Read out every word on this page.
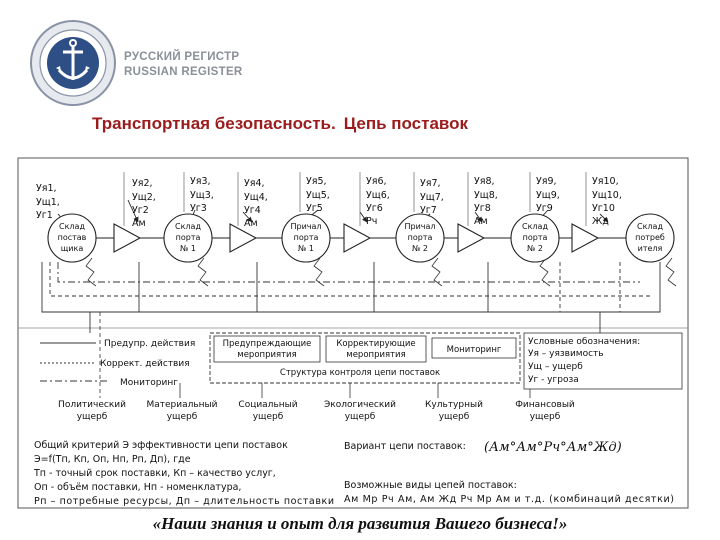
РУССКИЙ РЕГИСТР
RUSSIAN REGISTER
Транспортная безопасность. Цепь поставок
Уя1,
Ущ1,
Уг1
Уя2,
Ущ2,
Уг2
Ам
Уя3,
Ущ3,
Уг3
Уя4,
Ущ4,
Уг4
Ам
Уя5,
Ущ5,
Уг5
Уя6,
Ущ6,
Уг6
Рч
Уя7,
Ущ7,
Уг7
Уя8,
Ущ8,
Уг8
Ам
Уя9,
Ущ9,
Уг9
Уя10,
Ущ10,
Уг10
Жд
Склад
постав
щика
Склад
порта
№ 1
Причал
порта
№ 1
Причал
порта
№ 2
Склад
порта
№ 2
Склад
потреб
ителя
Предупр. действия
Коррект. действия
Мониторинг
Предупреждающие
мероприятия
Корректирующие
мероприятия	Мониторинг
Структура контроля цепи поставок
Условные обозначения:
Уя – уязвимость
Ущ – ущерб
Уг - угроза
Политический
ущерб
Материальный
ущерб
Социальный
ущерб
Экологический
ущерб
Культурный
ущерб
Финансовый
ущерб
Общий критерий Э эффективности цепи поставок
Э=f(Тп, Кп, Оп, Нп, Рп, Дп), где
Тп - точный срок поставки, Кп – качество услуг,
Оп - объём поставки, Нп - номенклатура,
Рп – потребные ресурсы, Дп – длительность поставки
Вариант цепи поставок:
Возможные виды цепей поставок:
Ам Мр Рч Ам, Ам Жд Рч Мр Ам и т.д. (комбинаций десятки)
(Ам°Ам°Рч°Ам°Жд)
«Наши знания и опыт для развития Вашего бизнеса!»
